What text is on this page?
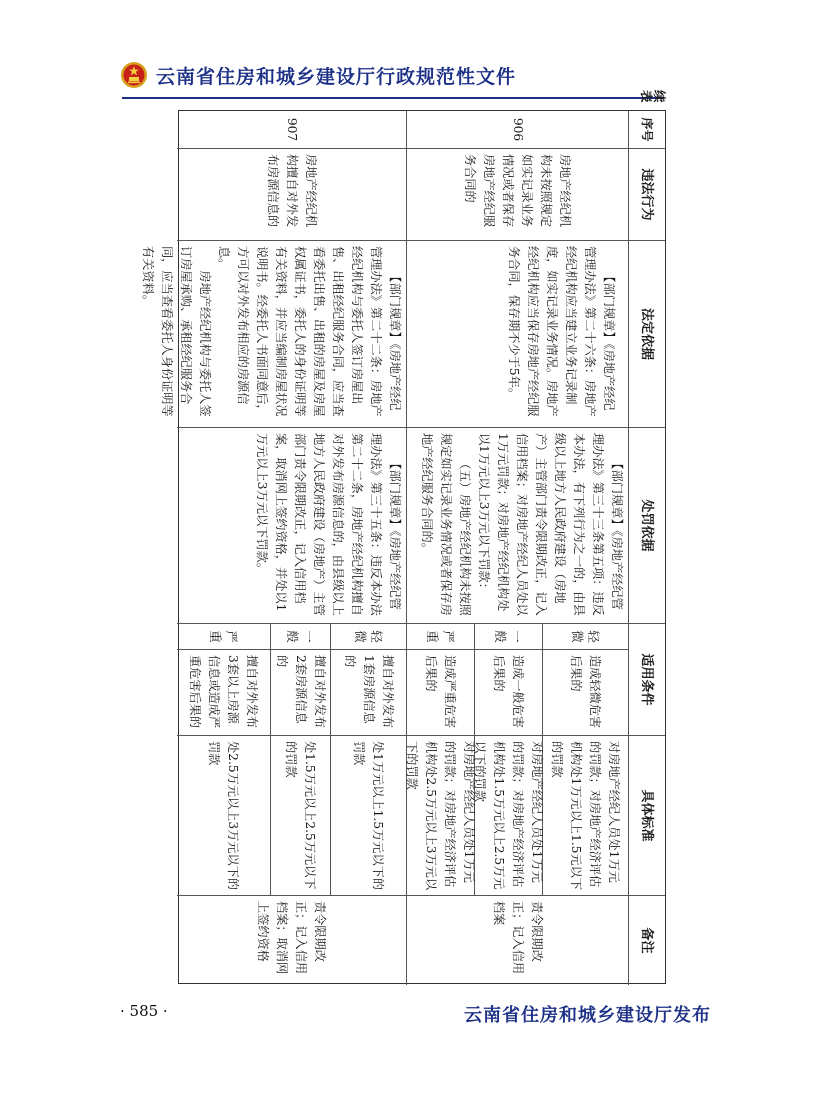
云南省住房和城乡建设厅行政规范性文件
续表
序号
违法行为
法定依据
处罚依据
适用条件
具体标准
备注
906
房地产经纪机构未按照规定如实记录业务情况或者保存房地产经纪服务合同的

【部门规章】《房地产经纪管理办法》第二十六条：房地产经纪机构应当建立业务记录制度，如实记录业务情况。房地产经纪机构应当保存房地产经纪服务合同，保存期不少于5年。

【部门规章】《房地产经纪管理办法》第三十三条第五项：违反本办法，有下列行为之一的，由县级以上地方人民政府建设（房地产）主管部门责令限期改正，记入信用档案；对房地产经纪人员处以1万元罚款；对房地产经纪机构处以1万元以上3万元以下罚款：

（五）房地产经纪机构未按照规定如实记录业务情况或者保存房地产经纪服务合同的。

轻微
造成轻微危害后果的
对房地产经纪人员处1万元的罚款；对房地产经济评估机构处1万元以上1.5元以下的罚款
一般
造成一般危害后果的
对房地产经纪人员处1万元的罚款；对房地产经济评估机构处1.5万元以上2.5万元以下的罚款
严重
造成严重危害后果的
对房地产经纪人员处1万元的罚款；对房地产经济评估机构处2.5万元以上3万元以下的罚款
责令限期改正；记入信用档案
907
房地产经纪机构擅自对外发布房源信息的

【部门规章】《房地产经纪管理办法》第二十二条：房地产经纪机构与委托人签订房屋出售、出租经纪服务合同，应当查看委托出售、出租的房屋及房屋权属证书，委托人的身份证明等有关资料，并应当编制房屋状况说明书。经委托人书面同意后，方可以对外发布相应的房源信息。

房地产经纪机构与委托人签订房屋承购、承租经纪服务合同，应当查看委托人身份证明等有关资料。

【部门规章】《房地产经纪管理办法》第三十五条：违反本办法第二十二条，房地产经纪机构擅自对外发布房源信息的，由县级以上地方人民政府建设（房地产）主管部门责令限期改正，记入信用档案，取消网上签约资格，并处以1万元以上3万元以下罚款。

轻微
擅自对外发布1套房源信息的
处1万元以上1.5万元以下的罚款
一般
擅自对外发布2套房源信息的
处1.5万元以上2.5万元以下的罚款
严重
擅自对外发布3套以上房源信息或造成严重危害后果的
处2.5万元以上3万元以下的罚款
责令限期改正；记入信用档案；取消网上签约资格
· 585 ·	云南省住房和城乡建设厅发布
